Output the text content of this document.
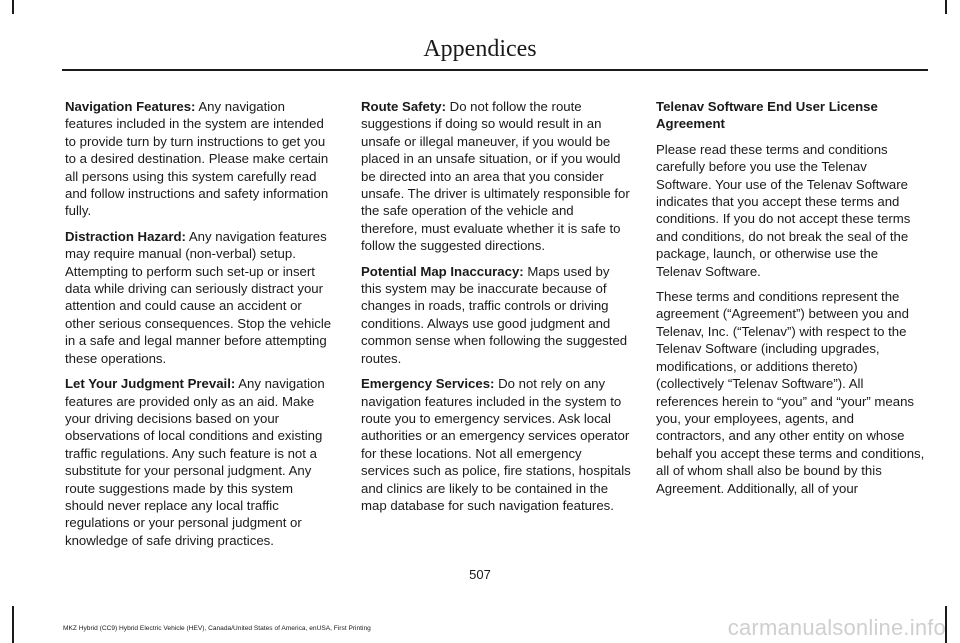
Appendices

Navigation Features: Any navigation features included in the system are intended to provide turn by turn instructions to get you to a desired destination. Please make certain all persons using this system carefully read and follow instructions and safety information fully.

Distraction Hazard: Any navigation features may require manual (non-verbal) setup. Attempting to perform such set-up or insert data while driving can seriously distract your attention and could cause an accident or other serious consequences. Stop the vehicle in a safe and legal manner before attempting these operations.

Let Your Judgment Prevail: Any navigation features are provided only as an aid. Make your driving decisions based on your observations of local conditions and existing traffic regulations. Any such feature is not a substitute for your personal judgment. Any route suggestions made by this system should never replace any local traffic regulations or your personal judgment or knowledge of safe driving practices.

Route Safety: Do not follow the route suggestions if doing so would result in an unsafe or illegal maneuver, if you would be placed in an unsafe situation, or if you would be directed into an area that you consider unsafe. The driver is ultimately responsible for the safe operation of the vehicle and therefore, must evaluate whether it is safe to follow the suggested directions.

Potential Map Inaccuracy: Maps used by this system may be inaccurate because of changes in roads, traffic controls or driving conditions. Always use good judgment and common sense when following the suggested routes.

Emergency Services: Do not rely on any navigation features included in the system to route you to emergency services. Ask local authorities or an emergency services operator for these locations. Not all emergency services such as police, fire stations, hospitals and clinics are likely to be contained in the map database for such navigation features.

Telenav Software End User License Agreement

Please read these terms and conditions carefully before you use the Telenav Software. Your use of the Telenav Software indicates that you accept these terms and conditions. If you do not accept these terms and conditions, do not break the seal of the package, launch, or otherwise use the Telenav Software.

These terms and conditions represent the agreement (“Agreement”) between you and Telenav, Inc. (“Telenav”) with respect to the Telenav Software (including upgrades, modifications, or additions thereto) (collectively “Telenav Software”). All references herein to “you” and “your” means you, your employees, agents, and contractors, and any other entity on whose behalf you accept these terms and conditions, all of whom shall also be bound by this Agreement. Additionally, all of your

507
MKZ Hybrid (CC9) Hybrid Electric Vehicle (HEV), Canada/United States of America, enUSA, First Printing	carmanualsonline.info
